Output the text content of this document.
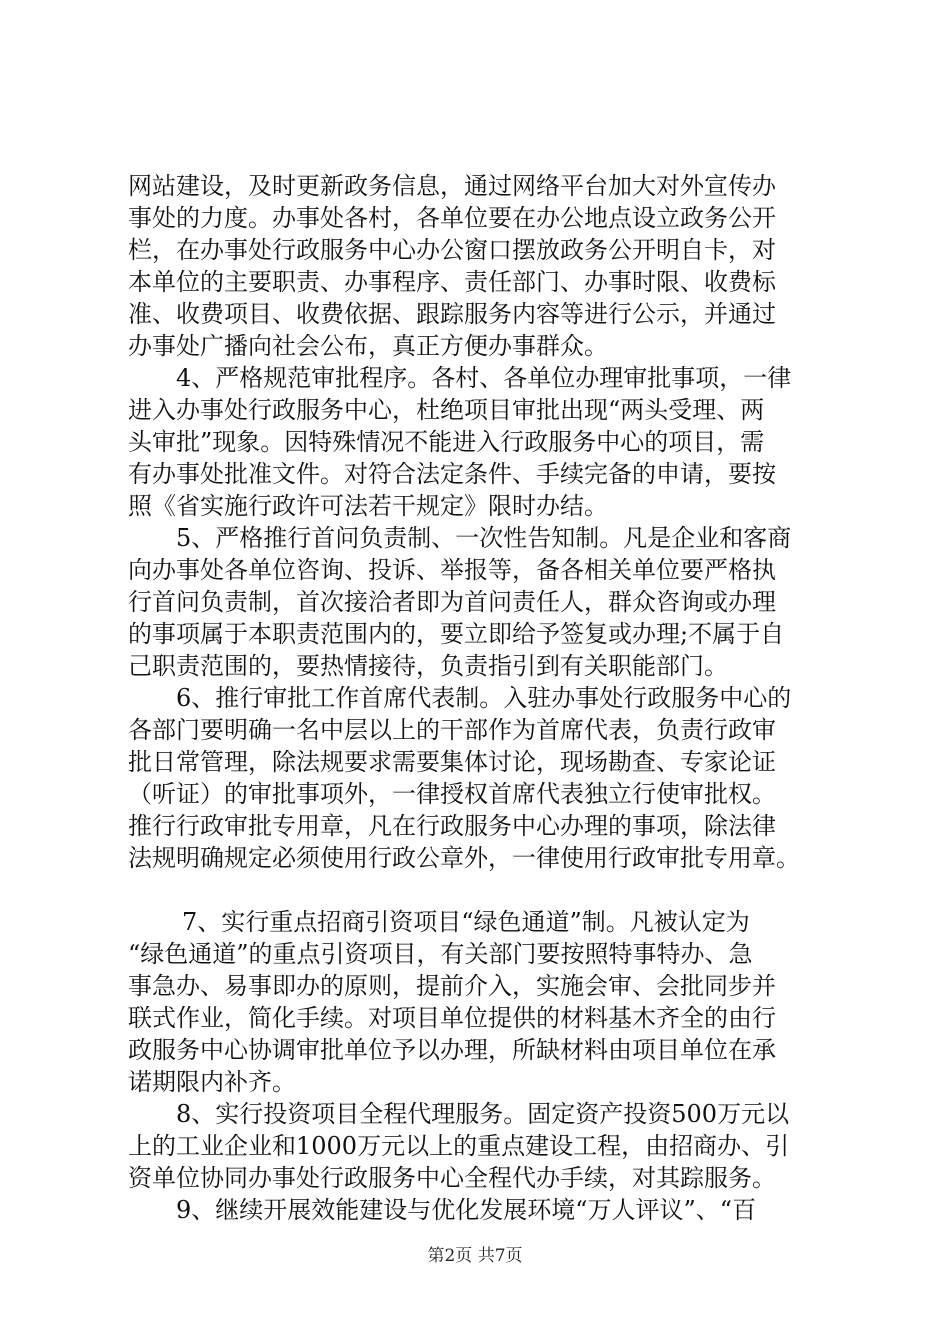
网站建设，及时更新政务信息，通过网络平台加大对外宣传办
事处的力度。办事处各村，各单位要在办公地点设立政务公开
栏，在办事处行政服务中心办公窗口摆放政务公开明自卡，对
本单位的主要职责、办事程序、责任部门、办事时限、收费标
准、收费项目、收费依据、跟踪服务内容等进行公示，并通过
办事处广播向社会公布，真正方便办事群众。
4、严格规范审批程序。各村、各单位办理审批事项，一律
进入办事处行政服务中心，杜绝项目审批出现“两头受理、两
头审批”现象。因特殊情况不能进入行政服务中心的项目，需
有办事处批准文件。对符合法定条件、手续完备的申请，要按
照《省实施行政许可法若干规定》限时办结。
5、严格推行首问负责制、一次性告知制。凡是企业和客商
向办事处各单位咨询、投诉、举报等，备各相关单位要严格执
行首问负责制，首次接洽者即为首问责任人，群众咨询或办理
的事项属于本职责范围内的，要立即给予签复或办理;不属于自
己职责范围的，要热情接待，负责指引到有关职能部门。
6、推行审批工作首席代表制。入驻办事处行政服务中心的
各部门要明确一名中层以上的干部作为首席代表，负责行政审
批日常管理，除法规要求需要集体讨论，现场勘查、专家论证
（听证）的审批事项外，一律授权首席代表独立行使审批权。
推行行政审批专用章，凡在行政服务中心办理的事项，除法律
法规明确规定必须使用行政公章外，一律使用行政审批专用章。
7、实行重点招商引资项目“绿色通道”制。凡被认定为
“绿色通道”的重点引资项目，有关部门要按照特事特办、急
事急办、易事即办的原则，提前介入，实施会审、会批同步并
联式作业，简化手续。对项目单位提供的材料基木齐全的由行
政服务中心协调审批单位予以办理，所缺材料由项目单位在承
诺期限内补齐。
8、实行投资项目全程代理服务。固定资产投资500万元以
上的工业企业和1000万元以上的重点建设工程，由招商办、引
资单位协同办事处行政服务中心全程代办手续，对其踪服务。
9、继续开展效能建设与优化发展环境“万人评议”、“百
第2页 共7页
